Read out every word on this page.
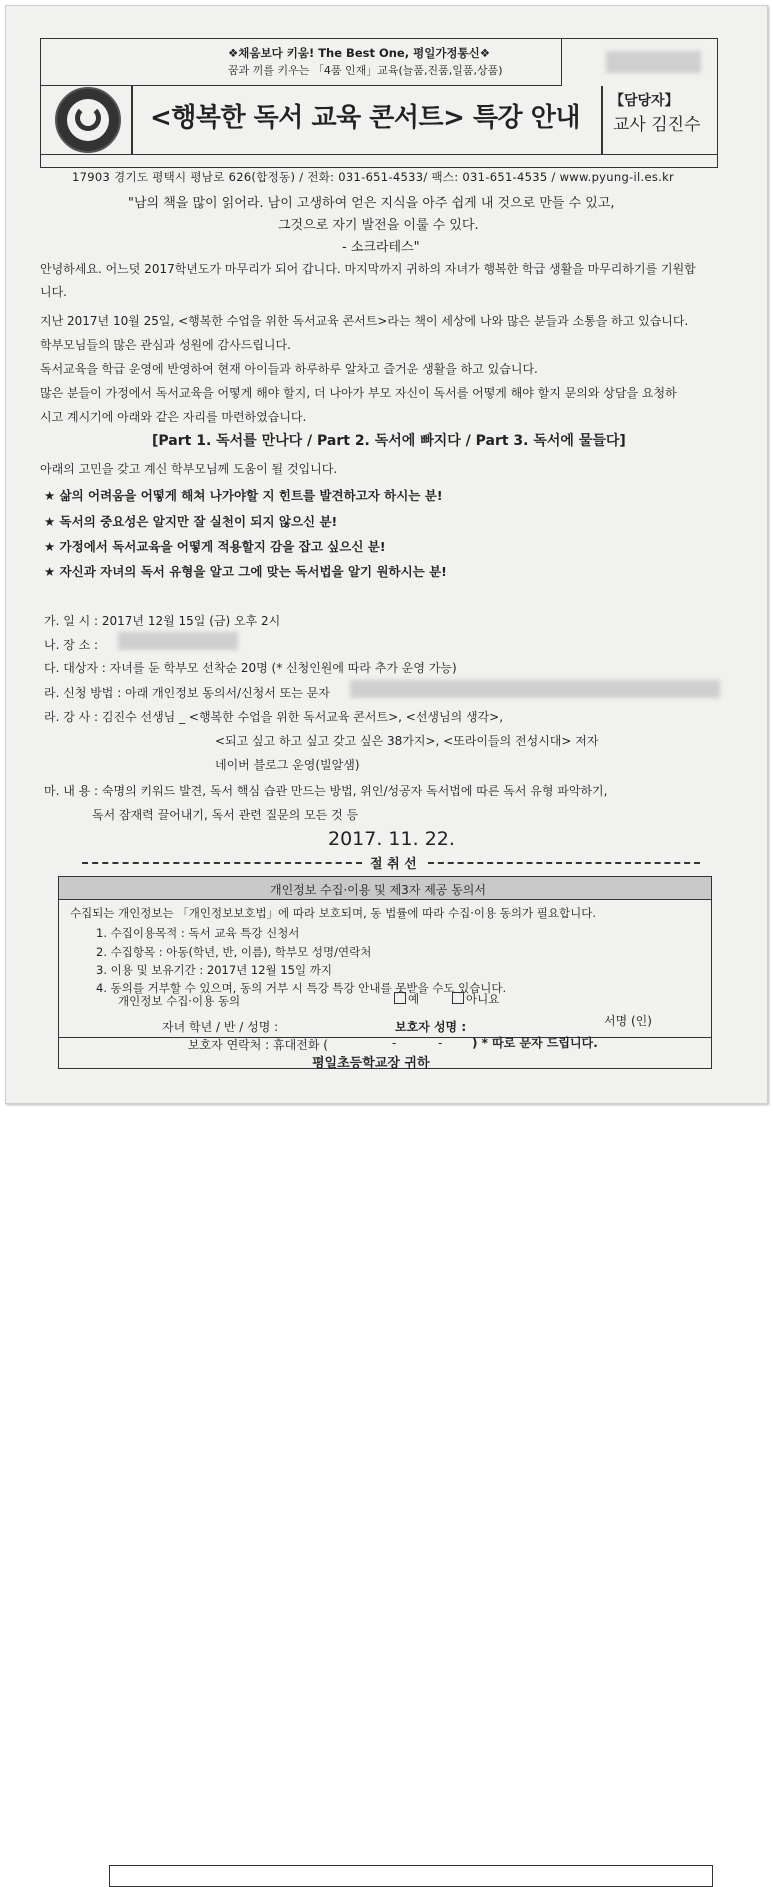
❖채움보다 키움! The Best One, 평일가정통신❖
꿈과 끼를 키우는 「4품 인재」교육(늘품,진품,일품,상품)
<행복한 독서 교육 콘서트> 특강 안내
【담당자】
교사 김진수
17903 경기도 평택시 평남로 626(합정동) / 전화: 031-651-4533/ 팩스: 031-651-4535 / www.pyung-il.es.kr
"남의 책을 많이 읽어라. 남이 고생하여 얻은 지식을 아주 쉽게 내 것으로 만들 수 있고,
그것으로 자기 발전을 이룰 수 있다.
- 소크라테스"
안녕하세요. 어느덧 2017학년도가 마무리가 되어 갑니다. 마지막까지 귀하의 자녀가 행복한 학급 생활을 마무리하기를 기원합
니다.
지난 2017년 10월 25일, <행복한 수업을 위한 독서교육 콘서트>라는 책이 세상에 나와 많은 분들과 소통을 하고 있습니다.
학부모님들의 많은 관심과 성원에 감사드립니다.
독서교육을 학급 운영에 반영하여 현재 아이들과 하루하루 알차고 즐거운 생활을 하고 있습니다.
많은 분들이 가정에서 독서교육을 어떻게 해야 할지, 더 나아가 부모 자신이 독서를 어떻게 해야 할지 문의와 상담을 요청하
시고 계시기에 아래와 같은 자리를 마련하였습니다.
[Part 1. 독서를 만나다 / Part 2. 독서에 빠지다 / Part 3. 독서에 물들다]
아래의 고민을 갖고 계신 학부모님께 도움이 될 것입니다.
★ 삶의 어려움을 어떻게 해쳐 나가야할 지 힌트를 발견하고자 하시는 분!
★ 독서의 중요성은 알지만 잘 실천이 되지 않으신 분!
★ 가정에서 독서교육을 어떻게 적용할지 감을 잡고 싶으신 분!
★ 자신과 자녀의 독서 유형을 알고 그에 맞는 독서법을 알기 원하시는 분!
가. 일 시 : 2017년 12월 15일 (금) 오후 2시
나. 장 소 :
다. 대상자 : 자녀를 둔 학부모 선착순 20명 (* 신청인원에 따라 추가 운영 가능)
라. 신청 방법 : 아래 개인정보 동의서/신청서 또는 문자
라. 강 사 : 김진수 선생님 _ <행복한 수업을 위한 독서교육 콘서트>, <선생님의 생각>,
<되고 싶고 하고 싶고 갖고 싶은 38가지>, <또라이들의 전성시대> 저자
네이버 블로그 운영(빌알샘)
마. 내 용 : 숙명의 키워드 발견, 독서 핵심 습관 만드는 방법, 위인/성공자 독서법에 따른 독서 유형 파악하기,
독서 잠재력 끌어내기, 독서 관련 질문의 모든 것 등
2017. 11. 22.
절 취 선
개인정보 수집·이용 및 제3자 제공 동의서
수집되는 개인정보는 「개인정보보호법」에 따라 보호되며, 동 법률에 따라 수집·이용 동의가 필요합니다.
1. 수집이용목적 : 독서 교육 특강 신청서
2. 수집항목 : 아동(학년, 반, 이름), 학부모 성명/연락처
3. 이용 및 보유기간 : 2017년 12월 15일 까지
4. 동의를 거부할 수 있으며, 동의 거부 시 특강 특강 안내를 못받을 수도 있습니다.
개인정보 수집·이용 동의	예	아니요
자녀 학년 / 반 / 성명 :	보호자 성명 :	서명 (인)
보호자 연락처 : 휴대전화 (	-	- ) * 따로 문자 드립니다.
평일초등학교장 귀하
